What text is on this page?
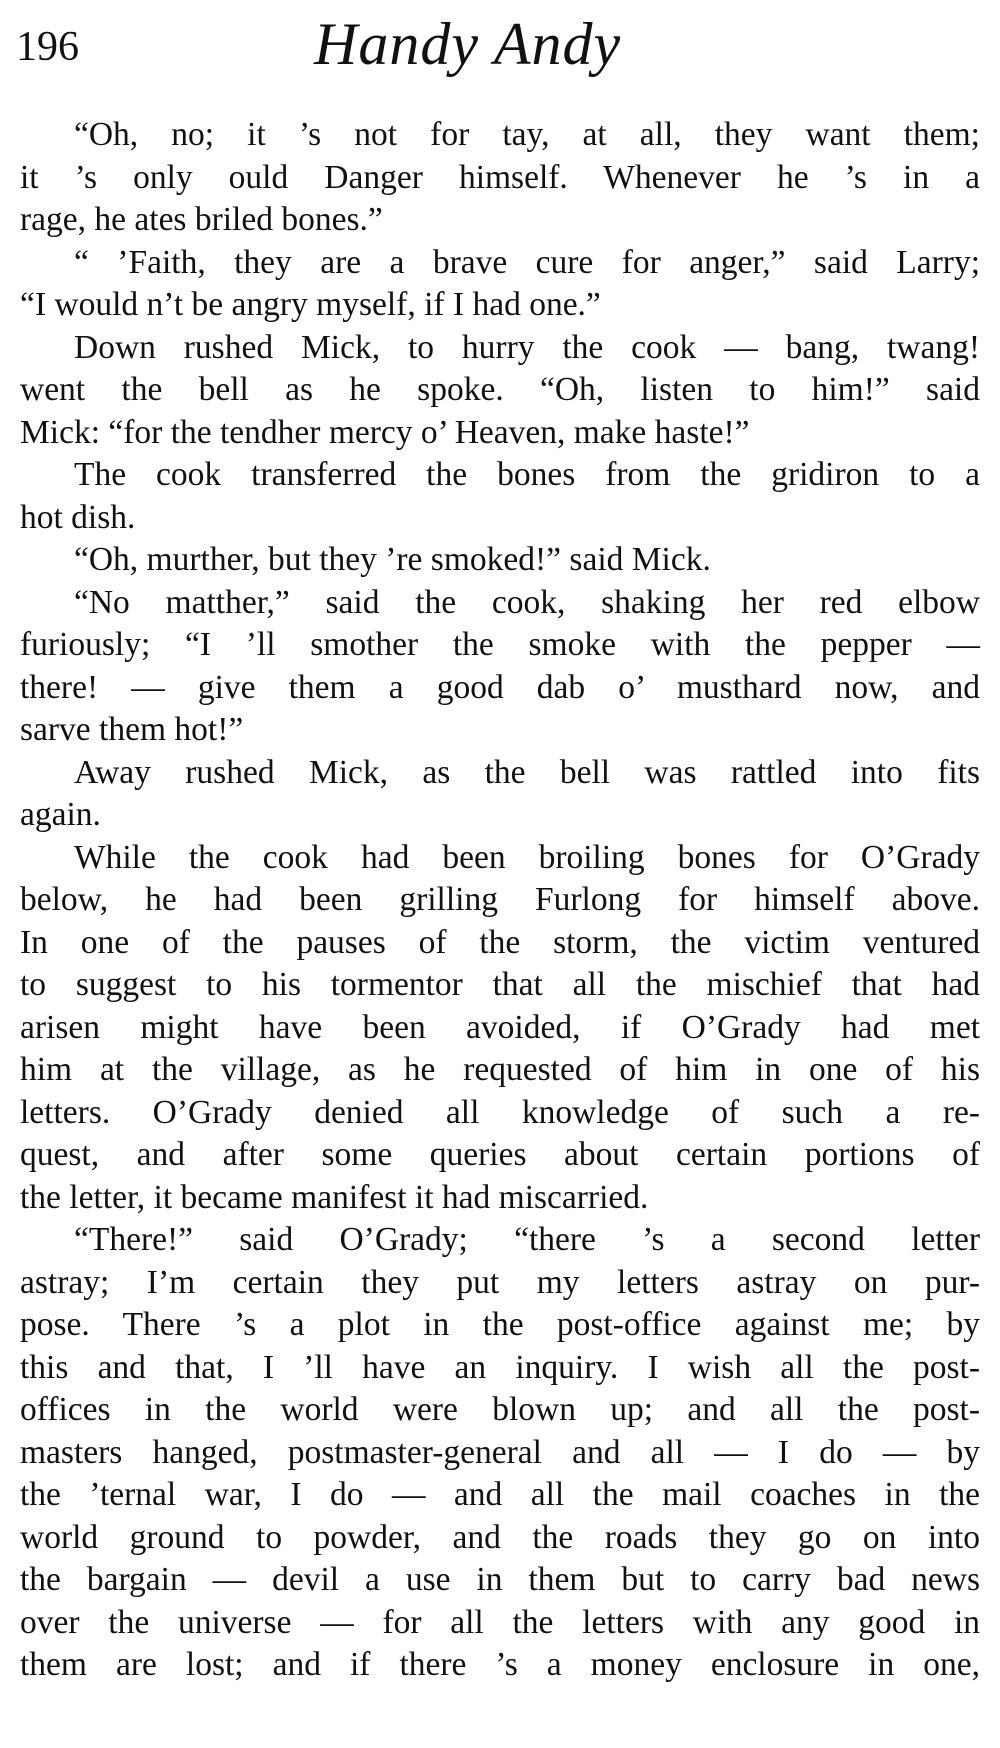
196	Handy Andy
“Oh, no; it ’s not for tay, at all, they want them;
it ’s only ould Danger himself. Whenever he ’s in a
rage, he ates briled bones.”
“ ’Faith, they are a brave cure for anger,” said Larry;
“I would n’t be angry myself, if I had one.”
Down rushed Mick, to hurry the cook — bang, twang!
went the bell as he spoke. “Oh, listen to him!” said
Mick: “for the tendher mercy o’ Heaven, make haste!”
The cook transferred the bones from the gridiron to a
hot dish.
“Oh, murther, but they ’re smoked!” said Mick.
“No matther,” said the cook, shaking her red elbow
furiously; “I ’ll smother the smoke with the pepper —
there! — give them a good dab o’ musthard now, and
sarve them hot!”
Away rushed Mick, as the bell was rattled into fits
again.
While the cook had been broiling bones for O’Grady
below, he had been grilling Furlong for himself above.
In one of the pauses of the storm, the victim ventured
to suggest to his tormentor that all the mischief that had
arisen might have been avoided, if O’Grady had met
him at the village, as he requested of him in one of his
letters. O’Grady denied all knowledge of such a re-
quest, and after some queries about certain portions of
the letter, it became manifest it had miscarried.
“There!” said O’Grady; “there ’s a second letter
astray; I’m certain they put my letters astray on pur-
pose. There ’s a plot in the post-office against me; by
this and that, I ’ll have an inquiry. I wish all the post-
offices in the world were blown up; and all the post-
masters hanged, postmaster-general and all — I do — by
the ’ternal war, I do — and all the mail coaches in the
world ground to powder, and the roads they go on into
the bargain — devil a use in them but to carry bad news
over the universe — for all the letters with any good in
them are lost; and if there ’s a money enclosure in one,
